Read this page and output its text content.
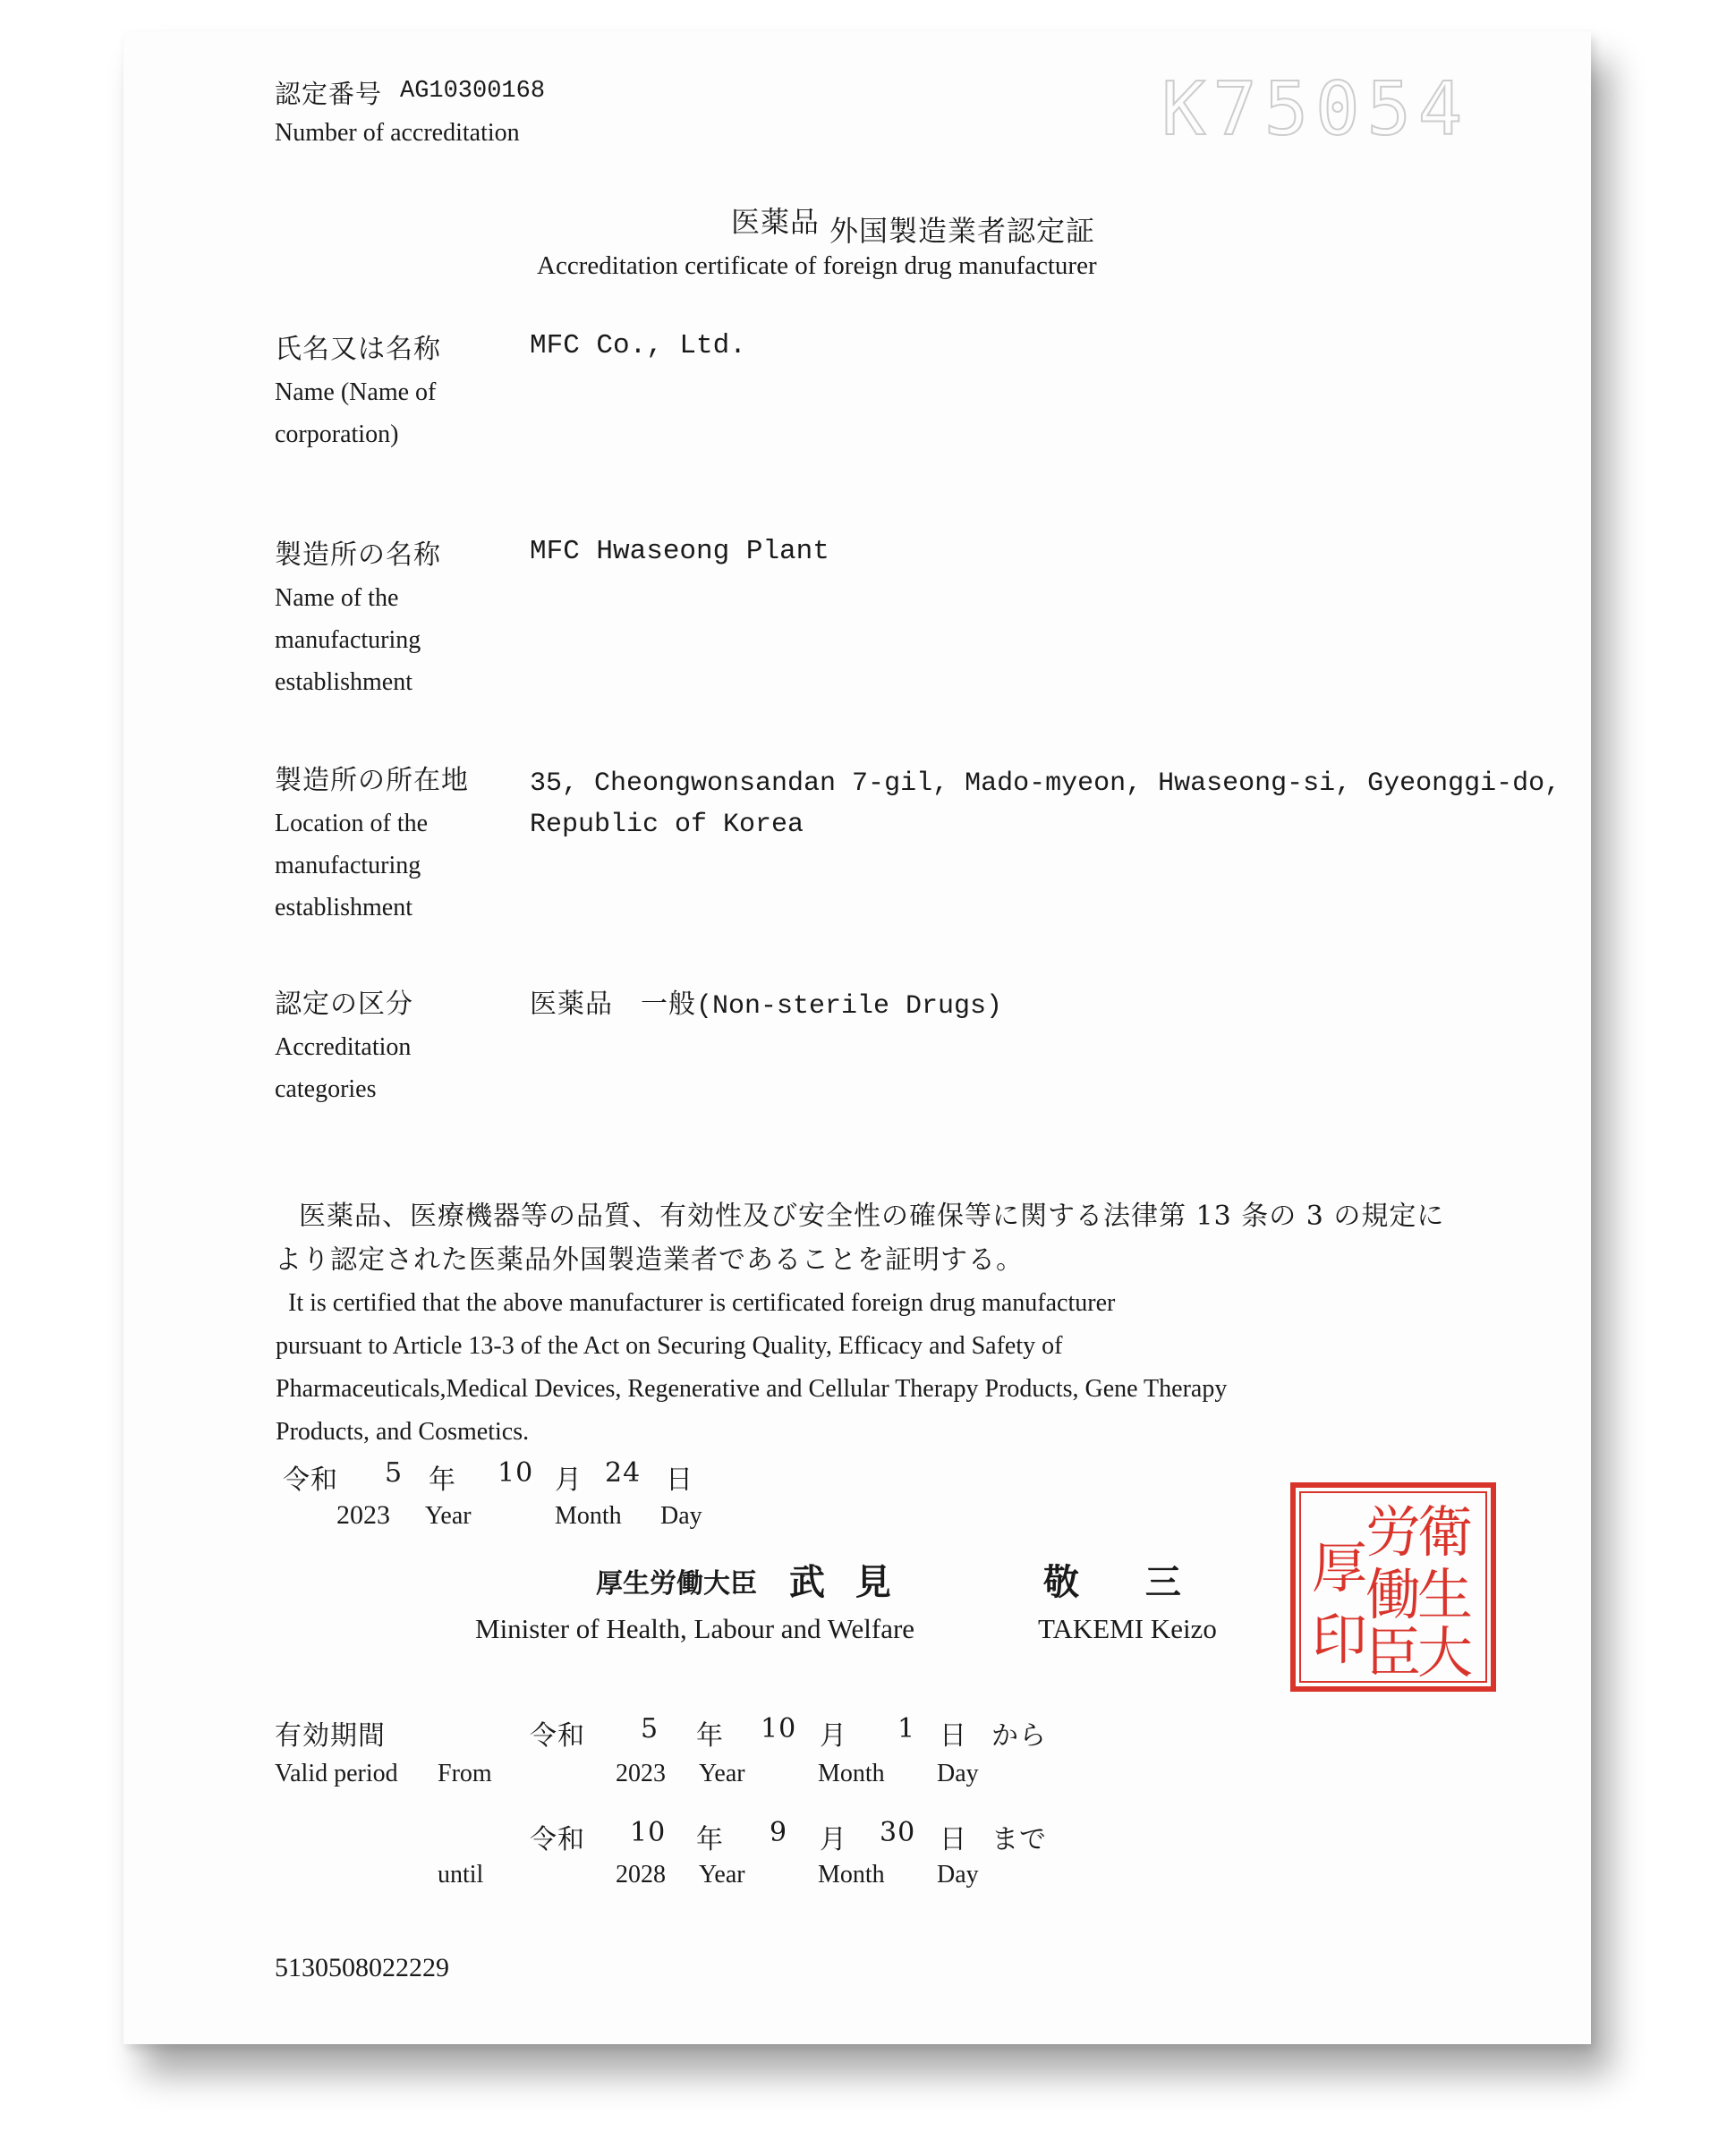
K75054
認定番号 AG10300168
Number of accreditation
医薬品 外国製造業者認定証
Accreditation certificate of foreign drug manufacturer
氏名又は名称
Name (Name of
corporation)
MFC Co., Ltd.
製造所の名称
Name of the
manufacturing
establishment
MFC Hwaseong Plant
製造所の所在地
Location of the
manufacturing
establishment
35, Cheongwonsandan 7-gil, Mado-myeon, Hwaseong-si, Gyeonggi-do,
Republic of Korea
認定の区分
Accreditation
categories
医薬品　一般(Non-sterile Drugs)
医薬品、医療機器等の品質、有効性及び安全性の確保等に関する法律第 13 条の 3 の規定に
より認定された医薬品外国製造業者であることを証明する。
It is certified that the above manufacturer is certificated foreign drug manufacturer
pursuant to Article 13-3 of the Act on Securing Quality, Efficacy and Safety of
Pharmaceuticals,Medical Devices, Regenerative and Cellular Therapy Products, Gene Therapy
Products, and Cosmetics.
令和 5 年 10 月 24 日
2023 Year	Month Day	衛
生
労
働
大
臣
厚
印
厚生労働大臣 武 見	敬 三
Minister of Health, Labour and Welfare	TAKEMI Keizo
有効期間
Valid period From
令和 5 年 10 月 1 日 から
2023 Year	Month Day
令和 10 年 9 月 30 日 まで
until	2028 Year	Month Day
5130508022229
